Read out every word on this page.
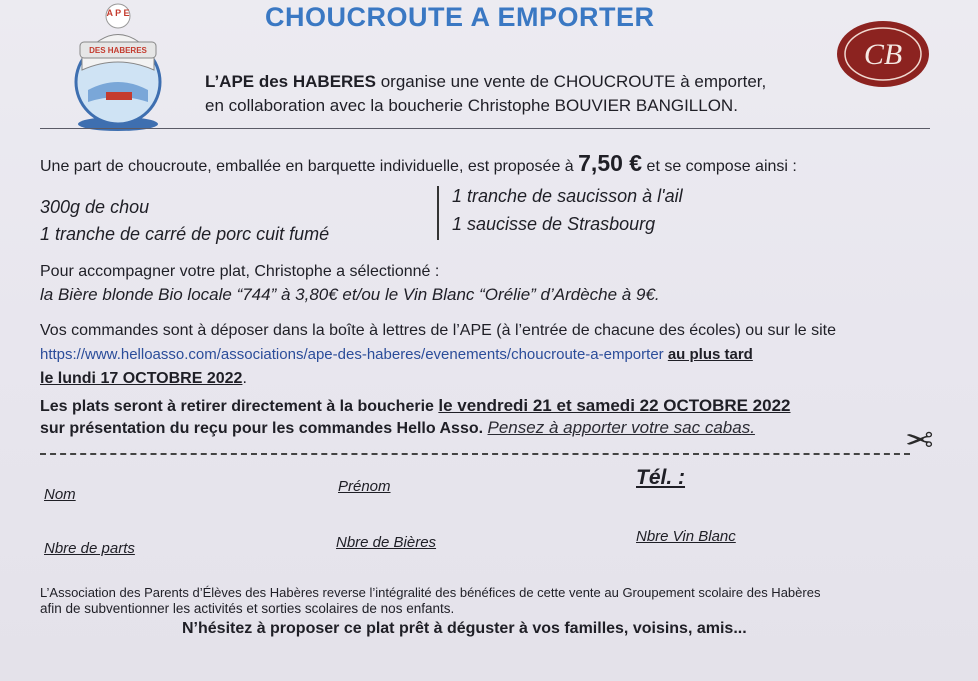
A P E
DES HABERES
CHOUCROUTE A EMPORTER
CB
L’APE des HABERES organise une vente de CHOUCROUTE à emporter,
en collaboration avec la boucherie Christophe BOUVIER BANGILLON.
Une part de choucroute, emballée en barquette individuelle, est proposée à 7,50 € et se compose ainsi :
300g de chou
1 tranche de carré de porc cuit fumé
1 tranche de saucisson à l'ail
1 saucisse de Strasbourg
Pour accompagner votre plat, Christophe a sélectionné :
la Bière blonde Bio locale “744” à 3,80€ et/ou le Vin Blanc “Orélie” d’Ardèche à 9€.
Vos commandes sont à déposer dans la boîte à lettres de l’APE (à l’entrée de chacune des écoles) ou sur le site
https://www.helloasso.com/associations/ape-des-haberes/evenements/choucroute-a-emporter au plus tard
le lundi 17 OCTOBRE 2022.
Les plats seront à retirer directement à la boucherie le vendredi 21 et samedi 22 OCTOBRE 2022
sur présentation du reçu pour les commandes Hello Asso. Pensez à apporter votre sac cabas.	✂
Nom	Prénom	Tél. :
Nbre de parts	Nbre de Bières	Nbre Vin Blanc
L’Association des Parents d’Élèves des Habères reverse l’intégralité des bénéfices de cette vente au Groupement scolaire des Habères
afin de subventionner les activités et sorties scolaires de nos enfants.
N’hésitez à proposer ce plat prêt à déguster à vos familles, voisins, amis...
